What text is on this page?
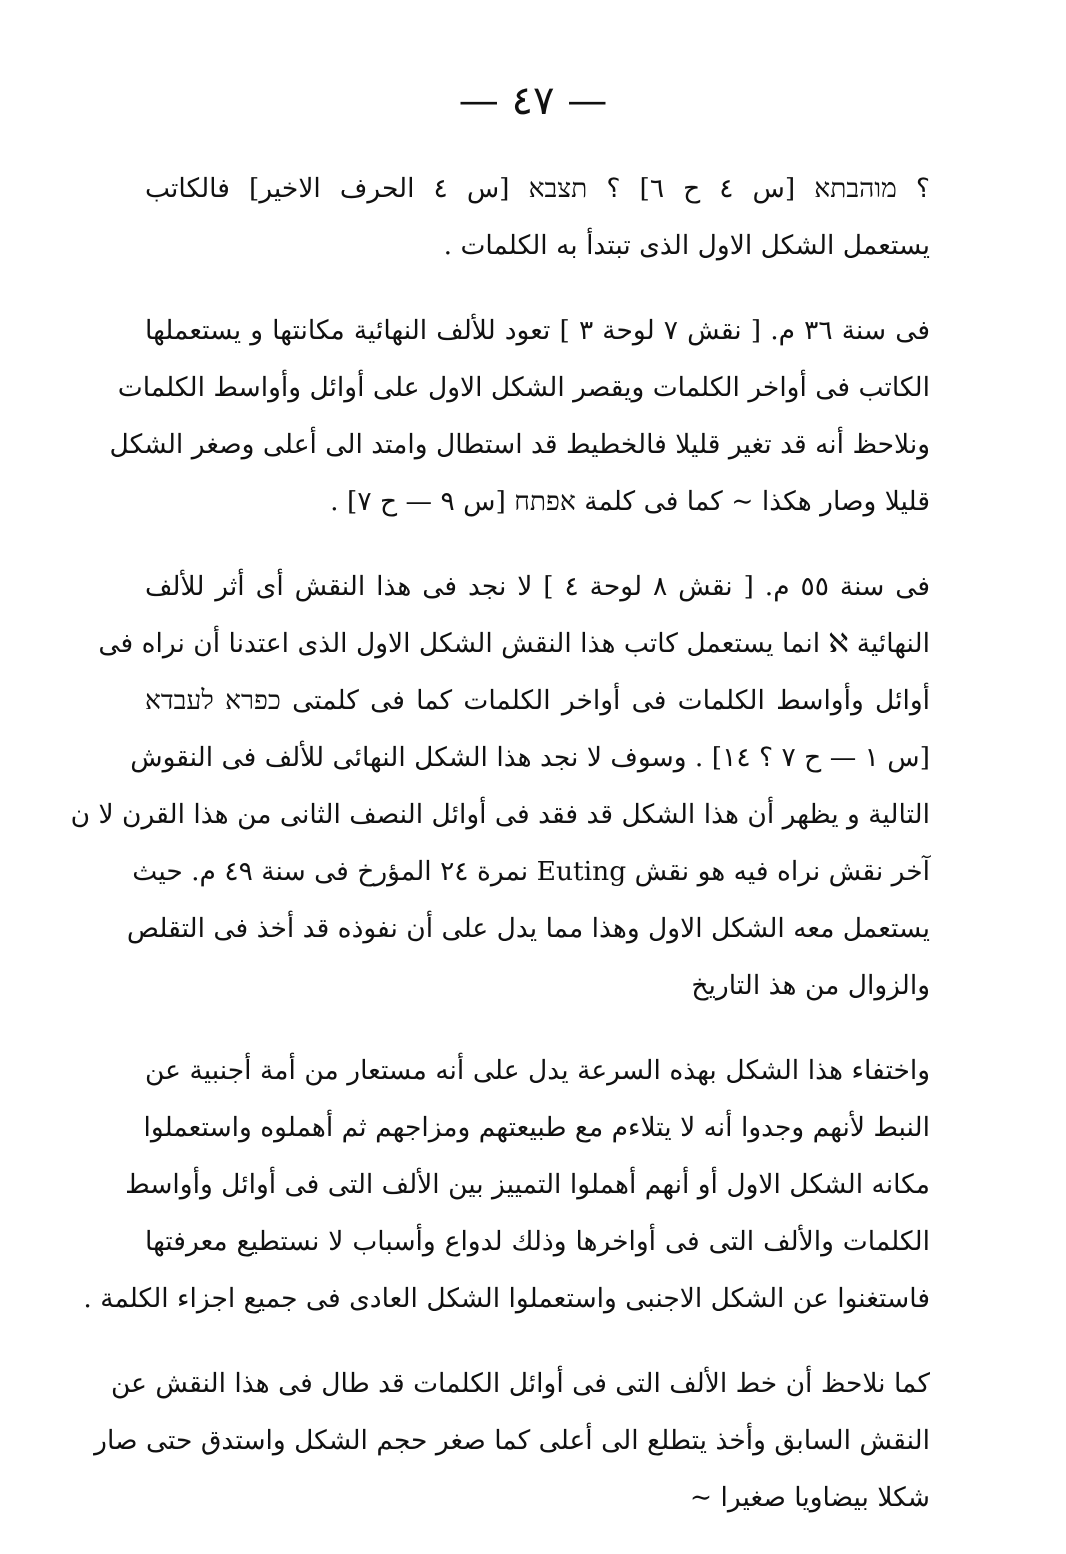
— ٤٧ —

؟ מוהבתא [س ٤ ح ٦] ؟ תצבא [س ٤ الحرف الاخير] فالكاتب
يستعمل الشكل الاول الذى تبتدأ به الكلمات .

فى سنة ٣٦ م. [ نقش ٧ لوحة ٣ ] تعود للألف النهائية مكانتها و يستعملها
الكاتب فى أواخر الكلمات ويقصر الشكل الاول على أوائل وأواسط الكلمات
ونلاحظ أنه قد تغير قليلا فالخطيط قد استطال وامتد الى أعلى وصغر الشكل
قليلا وصار هكذا ∽ كما فى كلمة אפתח [س ٩ — ح ٧] .

فى سنة ٥٥ م. [ نقش ٨ لوحة ٤ ] لا نجد فى هذا النقش أى أثر للألف
النهائية ℵ انما يستعمل كاتب هذا النقش الشكل الاول الذى اعتدنا أن نراه فى
أوائل وأواسط الكلمات فى أواخر الكلمات كما فى كلمتى כפרא לעבדא
[س ١ — ح ٧ ؟ ١٤] . وسوف لا نجد هذا الشكل النهائى للألف فى النقوش
التالية و يظهر أن هذا الشكل قد فقد فى أوائل النصف الثانى من هذا القرن لا ن
آخر نقش نراه فيه هو نقش Euting نمرة ٢٤ المؤرخ فى سنة ٤٩ م. حيث
يستعمل معه الشكل الاول وهذا مما يدل على أن نفوذه قد أخذ فى التقلص
والزوال من هذ التاريخ

واختفاء هذا الشكل بهذه السرعة يدل على أنه مستعار من أمة أجنبية عن
النبط لأنهم وجدوا أنه لا يتلاءم مع طبيعتهم ومزاجهم ثم أهملوه واستعملوا
مكانه الشكل الاول أو أنهم أهملوا التمييز بين الألف التى فى أوائل وأواسط
الكلمات والألف التى فى أواخرها وذلك لدواع وأسباب لا نستطيع معرفتها
فاستغنوا عن الشكل الاجنبى واستعملوا الشكل العادى فى جميع اجزاء الكلمة .

كما نلاحظ أن خط الألف التى فى أوائل الكلمات قد طال فى هذا النقش عن
النقش السابق وأخذ يتطلع الى أعلى كما صغر حجم الشكل واستدق حتى صار
شكلا بيضاويا صغيرا ∽
